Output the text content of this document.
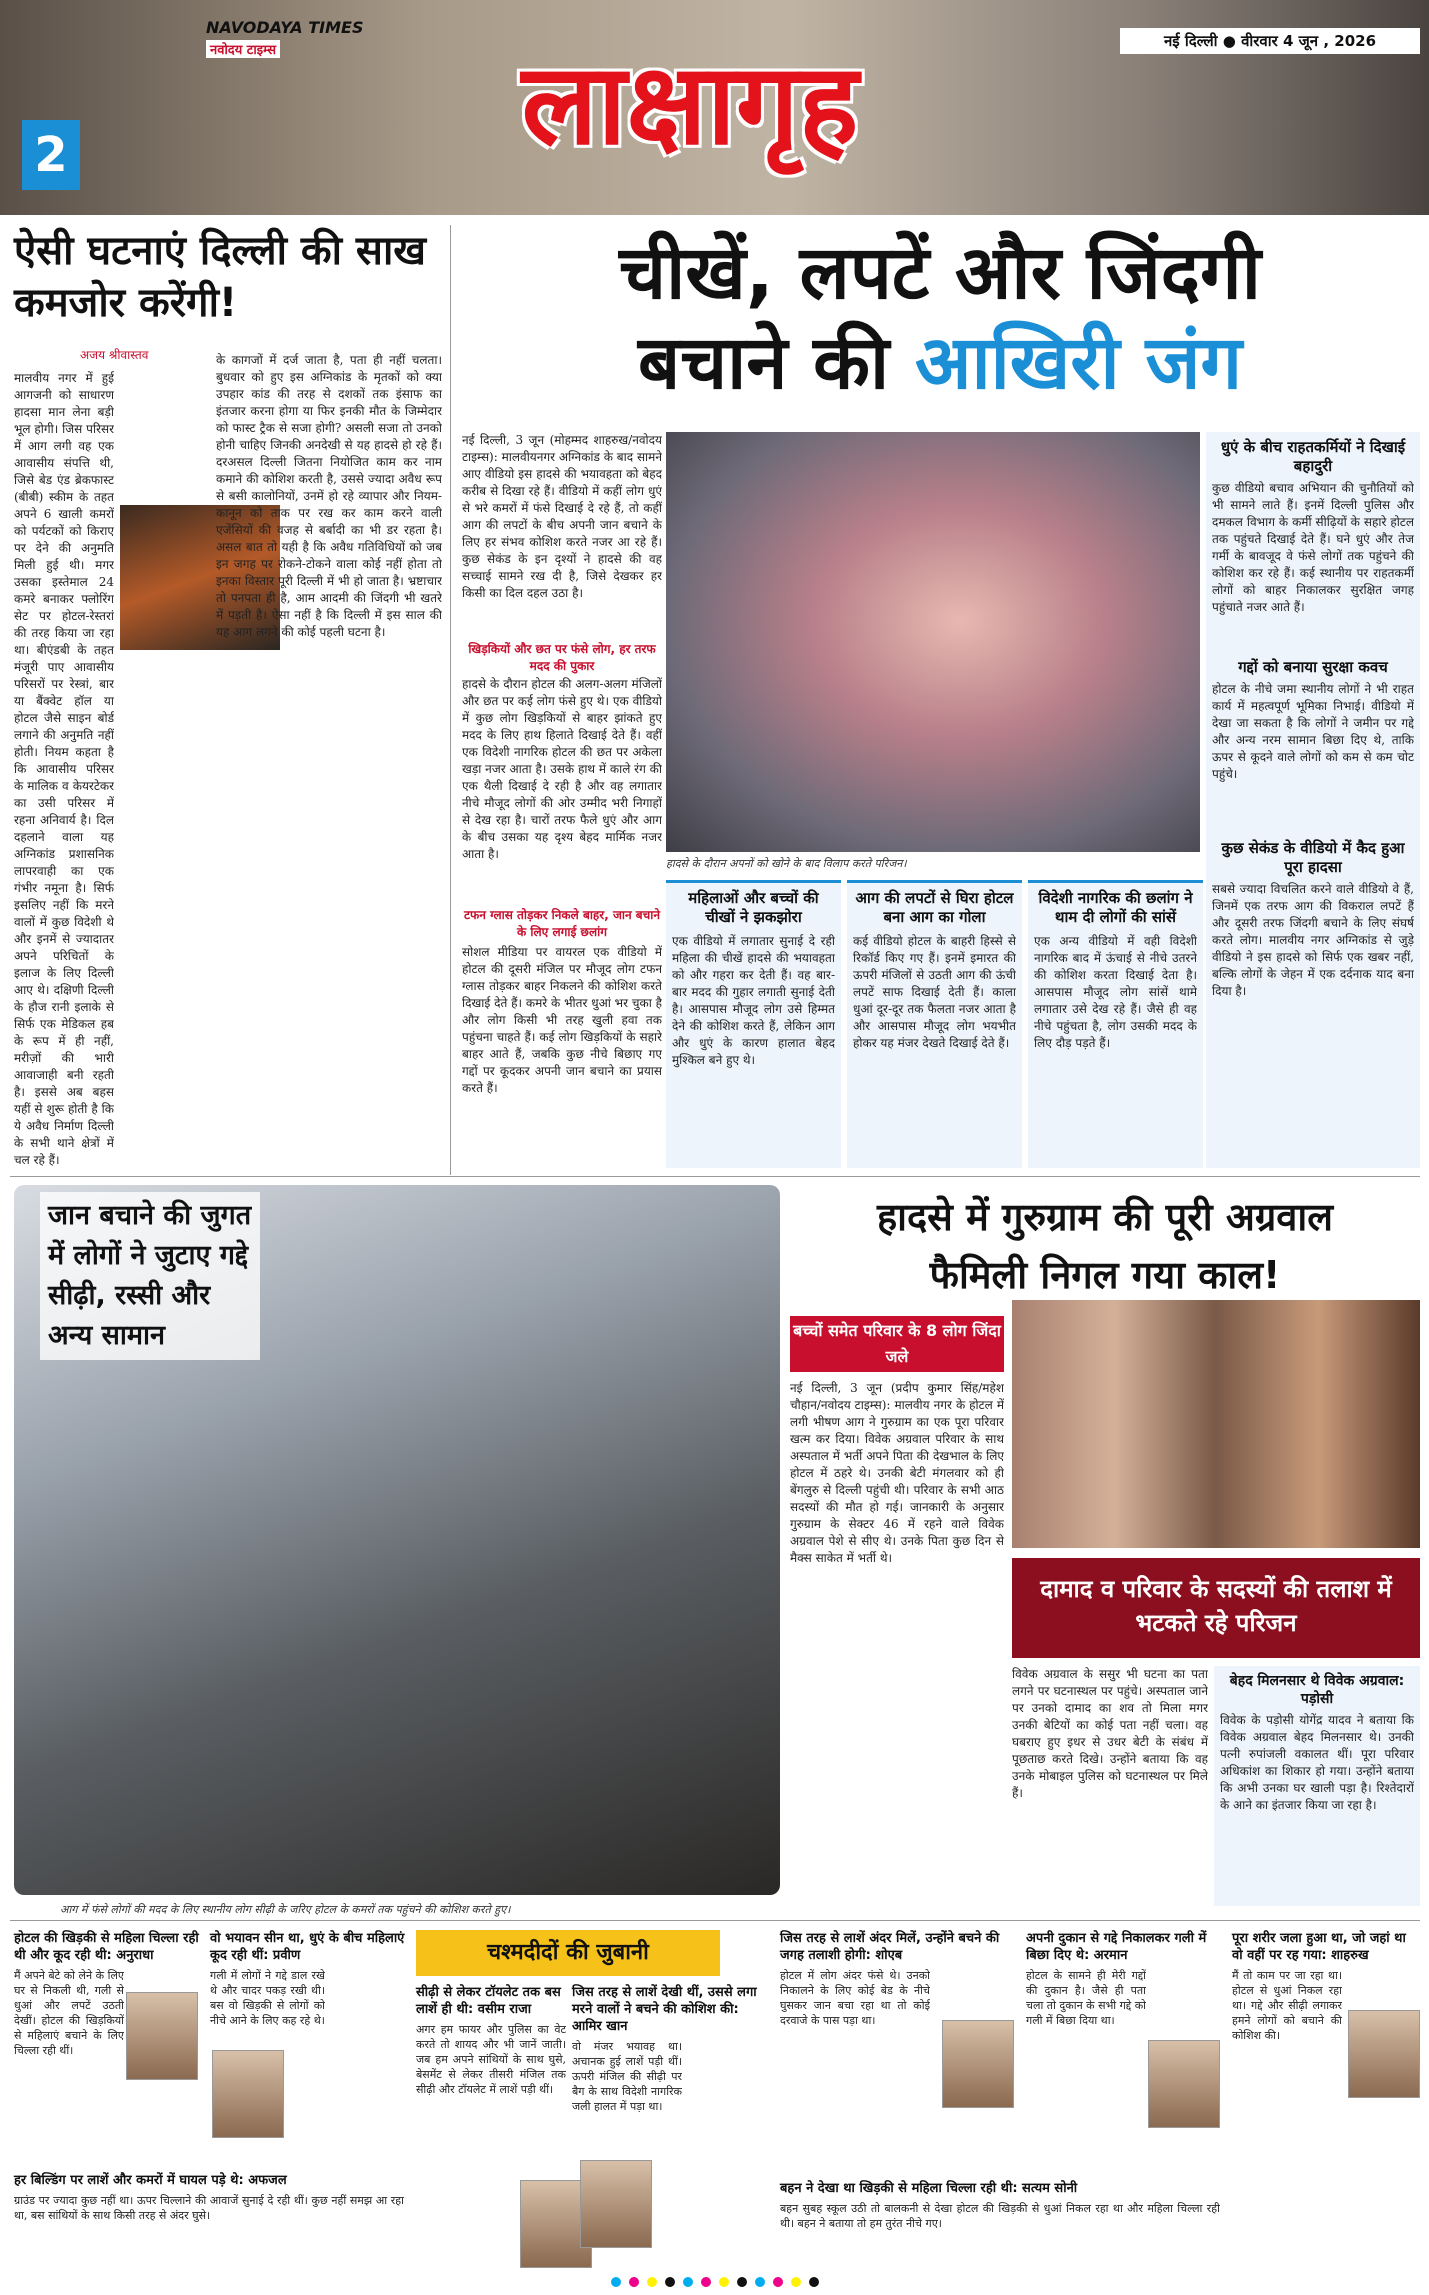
2
NAVODAYA TIMES
नवोदय टाइम्स	लाक्षागृह	नई दिल्ली ● वीरवार 4 जून , 2026
ऐसी घटनाएं दिल्ली की साख कमजोर करेंगी!
अजय श्रीवास्तव
मालवीय नगर में हुई आगजनी को साधारण हादसा मान लेना बड़ी भूल होगी। जिस परिसर में आग लगी वह एक आवासीय संपत्ति थी, जिसे बेड एंड ब्रेकफास्ट (बीबी) स्कीम के तहत अपने 6 खाली कमरों को पर्यटकों को किराए पर देने की अनुमति मिली हुई थी। मगर उसका इस्तेमाल 24 कमरे बनाकर फ्लोरिंग सेट पर होटल-रेस्तरां की तरह किया जा रहा था। बीएंडबी के तहत मंजूरी पाए आवासीय परिसरों पर रेस्त्रां, बार या बैंक्वेट हॉल या होटल जैसे साइन बोर्ड लगाने की अनुमति नहीं होती। नियम कहता है कि आवासीय परिसर के मालिक व केयरटेकर का उसी परिसर में रहना अनिवार्य है। दिल दहलाने वाला यह अग्निकांड प्रशासनिक लापरवाही का एक गंभीर नमूना है। सिर्फ इसलिए नहीं कि मरने वालों में कुछ विदेशी थे और इनमें से ज्यादातर अपने परिचितों के इलाज के लिए दिल्ली आए थे। दक्षिणी दिल्ली के हौज रानी इलाके से सिर्फ एक मेडिकल हब के रूप में ही नहीं, मरीज़ों की भारी आवाजाही बनी रहती है। इससे अब बहस यहीं से शुरू होती है कि ये अवैध निर्माण दिल्ली के सभी थाने क्षेत्रों में चल रहे हैं।
के कागजों में दर्ज जाता है, पता ही नहीं चलता। बुधवार को हुए इस अग्निकांड के मृतकों को क्या उपहार कांड की तरह से दशकों तक इंसाफ का इंतजार करना होगा या फिर इनकी मौत के जिम्मेदार को फास्ट ट्रैक से सजा होगी? असली सजा तो उनको होनी चाहिए जिनकी अनदेखी से यह हादसे हो रहे हैं। दरअसल दिल्ली जितना नियोजित काम कर नाम कमाने की कोशिश करती है, उससे ज्यादा अवैध रूप से बसी कालोनियों, उनमें हो रहे व्यापार और नियम-कानून को ताक पर रख कर काम करने वाली एजेंसियों की वजह से बर्बादी का भी डर रहता है। असल बात तो यही है कि अवैध गतिविधियों को जब इन जगह पर रोकने-टोकने वाला कोई नहीं होता तो इनका विस्तार पूरी दिल्ली में भी हो जाता है। भ्रष्टाचार तो पनपता ही है, आम आदमी की जिंदगी भी खतरे में पड़ती है। ऐसा नहीं है कि दिल्ली में इस साल की यह आग लगने की कोई पहली घटना है।
चीखें, लपटें और जिंदगी
बचाने की आखिरी जंग
नई दिल्ली, 3 जून (मोहम्मद शाहरुख/नवोदय टाइम्स): मालवीयनगर अग्निकांड के बाद सामने आए वीडियो इस हादसे की भयावहता को बेहद करीब से दिखा रहे हैं। वीडियो में कहीं लोग धुएं से भरे कमरों में फंसे दिखाई दे रहे हैं, तो कहीं आग की लपटों के बीच अपनी जान बचाने के लिए हर संभव कोशिश करते नजर आ रहे हैं। कुछ सेकंड के इन दृश्यों ने हादसे की वह सच्चाई सामने रख दी है, जिसे देखकर हर किसी का दिल दहल उठा है।
खिड़कियों और छत पर फंसे लोग, हर तरफ मदद की पुकार
हादसे के दौरान होटल की अलग-अलग मंजिलों और छत पर कई लोग फंसे हुए थे। एक वीडियो में कुछ लोग खिड़कियों से बाहर झांकते हुए मदद के लिए हाथ हिलाते दिखाई देते हैं। वहीं एक विदेशी नागरिक होटल की छत पर अकेला खड़ा नजर आता है। उसके हाथ में काले रंग की एक थैली दिखाई दे रही है और वह लगातार नीचे मौजूद लोगों की ओर उम्मीद भरी निगाहों से देख रहा है। चारों तरफ फैले धुएं और आग के बीच उसका यह दृश्य बेहद मार्मिक नजर आता है।
टफन ग्लास तोड़कर निकले बाहर, जान बचाने के लिए लगाई छलांग
सोशल मीडिया पर वायरल एक वीडियो में होटल की दूसरी मंजिल पर मौजूद लोग टफन ग्लास तोड़कर बाहर निकलने की कोशिश करते दिखाई देते हैं। कमरे के भीतर धुआं भर चुका है और लोग किसी भी तरह खुली हवा तक पहुंचना चाहते हैं। कई लोग खिड़कियों के सहारे बाहर आते हैं, जबकि कुछ नीचे बिछाए गए गद्दों पर कूदकर अपनी जान बचाने का प्रयास करते हैं।
हादसे के दौरान अपनों को खोने के बाद विलाप करते परिजन।
महिलाओं और बच्चों की चीखों ने झकझोरा
एक वीडियो में लगातार सुनाई दे रही महिला की चीखें हादसे की भयावहता को और गहरा कर देती हैं। वह बार-बार मदद की गुहार लगाती सुनाई देती है। आसपास मौजूद लोग उसे हिम्मत देने की कोशिश करते हैं, लेकिन आग और धुएं के कारण हालात बेहद मुश्किल बने हुए थे।
आग की लपटों से घिरा होटल बना आग का गोला
कई वीडियो होटल के बाहरी हिस्से से रिकॉर्ड किए गए हैं। इनमें इमारत की ऊपरी मंजिलों से उठती आग की ऊंची लपटें साफ दिखाई देती हैं। काला धुआं दूर-दूर तक फैलता नजर आता है और आसपास मौजूद लोग भयभीत होकर यह मंजर देखते दिखाई देते हैं।
विदेशी नागरिक की छलांग ने थाम दी लोगों की सांसें
एक अन्य वीडियो में वही विदेशी नागरिक बाद में ऊंचाई से नीचे उतरने की कोशिश करता दिखाई देता है। आसपास मौजूद लोग सांसें थामे लगातार उसे देख रहे हैं। जैसे ही वह नीचे पहुंचता है, लोग उसकी मदद के लिए दौड़ पड़ते हैं।
धुएं के बीच राहतकर्मियों ने दिखाई बहादुरी
कुछ वीडियो बचाव अभियान की चुनौतियों को भी सामने लाते हैं। इनमें दिल्ली पुलिस और दमकल विभाग के कर्मी सीढ़ियों के सहारे होटल तक पहुंचते दिखाई देते हैं। घने धुएं और तेज गर्मी के बावजूद वे फंसे लोगों तक पहुंचने की कोशिश कर रहे हैं। कई स्थानीय पर राहतकर्मी लोगों को बाहर निकालकर सुरक्षित जगह पहुंचाते नजर आते हैं।
गद्दों को बनाया सुरक्षा कवच
होटल के नीचे जमा स्थानीय लोगों ने भी राहत कार्य में महत्वपूर्ण भूमिका निभाई। वीडियो में देखा जा सकता है कि लोगों ने जमीन पर गद्दे और अन्य नरम सामान बिछा दिए थे, ताकि ऊपर से कूदने वाले लोगों को कम से कम चोट पहुंचे।
कुछ सेकंड के वीडियो में कैद हुआ पूरा हादसा
सबसे ज्यादा विचलित करने वाले वीडियो वे हैं, जिनमें एक तरफ आग की विकराल लपटें हैं और दूसरी तरफ जिंदगी बचाने के लिए संघर्ष करते लोग। मालवीय नगर अग्निकांड से जुड़े वीडियो ने इस हादसे को सिर्फ एक खबर नहीं, बल्कि लोगों के जेहन में एक दर्दनाक याद बना दिया है।
जान बचाने की जुगत में लोगों ने जुटाए गद्दे सीढ़ी, रस्सी और अन्य सामान
आग में फंसे लोगों की मदद के लिए स्थानीय लोग सीढ़ी के जरिए होटल के कमरों तक पहुंचने की कोशिश करते हुए।
हादसे में गुरुग्राम की पूरी अग्रवाल
फैमिली निगल गया काल!
बच्चों समेत परिवार के 8 लोग जिंदा जले
नई दिल्ली, 3 जून (प्रदीप कुमार सिंह/महेश चौहान/नवोदय टाइम्स): मालवीय नगर के होटल में लगी भीषण आग ने गुरुग्राम का एक पूरा परिवार खत्म कर दिया। विवेक अग्रवाल परिवार के साथ अस्पताल में भर्ती अपने पिता की देखभाल के लिए होटल में ठहरे थे। उनकी बेटी मंगलवार को ही बेंगलुरु से दिल्ली पहुंची थी। परिवार के सभी आठ सदस्यों की मौत हो गई। जानकारी के अनुसार गुरुग्राम के सेक्टर 46 में रहने वाले विवेक अग्रवाल पेशे से सीए थे। उनके पिता कुछ दिन से मैक्स साकेत में भर्ती थे।
दामाद व परिवार के सदस्यों की तलाश में भटकते रहे परिजन
विवेक अग्रवाल के ससुर भी घटना का पता लगने पर घटनास्थल पर पहुंचे। अस्पताल जाने पर उनको दामाद का शव तो मिला मगर उनकी बेटियों का कोई पता नहीं चला। वह घबराए हुए इधर से उधर बेटी के संबंध में पूछताछ करते दिखे। उन्होंने बताया कि वह उनके मोबाइल पुलिस को घटनास्थल पर मिले हैं।
बेहद मिलनसार थे विवेक अग्रवाल: पड़ोसी
विवेक के पड़ोसी योगेंद्र यादव ने बताया कि विवेक अग्रवाल बेहद मिलनसार थे। उनकी पत्नी रुपांजली वकालत थीं। पूरा परिवार अधिकांश का शिकार हो गया। उन्होंने बताया कि अभी उनका घर खाली पड़ा है। रिश्तेदारों के आने का इंतजार किया जा रहा है।
चश्मदीदों की जुबानी
होटल की खिड़की से महिला चिल्ला रही थी और कूद रही थी: अनुराधा
मैं अपने बेटे को लेने के लिए घर से निकली थी, गली से धुआं और लपटें उठती देखीं। होटल की खिड़कियों से महिलाएं बचाने के लिए चिल्ला रही थीं।
हर बिल्डिंग पर लाशें और कमरों में घायल पड़े थे: अफजल
ग्राउंड पर ज्यादा कुछ नहीं था। ऊपर चिल्लाने की आवाजें सुनाई दे रही थीं। कुछ नहीं समझ आ रहा था, बस सांथियों के साथ किसी तरह से अंदर घुसे।
वो भयावन सीन था, धुएं के बीच महिलाएं कूद रही थीं: प्रवीण
गली में लोगों ने गद्दे डाल रखे थे और चादर पकड़ रखी थी। बस वो खिड़की से लोगों को नीचे आने के लिए कह रहे थे।
सीढ़ी से लेकर टॉयलेट तक बस लाशें ही थी: वसीम राजा
अगर हम फायर और पुलिस का वेट करते तो शायद और भी जानें जाती। जब हम अपने सांथियों के साथ घुसे, बेसमेंट से लेकर तीसरी मंजिल तक सीढ़ी और टॉयलेट में लाशें पड़ी थीं।
जिस तरह से लाशें देखी थीं, उससे लगा मरने वालों ने बचने की कोशिश की: आमिर खान
वो मंजर भयावह था। अचानक हुई लाशें पड़ी थीं। ऊपरी मंजिल की सीढ़ी पर बैग के साथ विदेशी नागरिक जली हालत में पड़ा था।
जिस तरह से लाशें अंदर मिलें, उन्होंने बचने की जगह तलाशी होगी: शोएब
होटल में लोग अंदर फंसे थे। उनको निकालने के लिए कोई बेड के नीचे घुसकर जान बचा रहा था तो कोई दरवाजे के पास पड़ा था।
अपनी दुकान से गद्दे निकालकर गली में बिछा दिए थे: अरमान
होटल के सामने ही मेरी गद्दों की दुकान है। जैसे ही पता चला तो दुकान के सभी गद्दे को गली में बिछा दिया था।
पूरा शरीर जला हुआ था, जो जहां था वो वहीं पर रह गया: शाहरुख
मैं तो काम पर जा रहा था। होटल से धुआं निकल रहा था। गद्दे और सीढ़ी लगाकर हमने लोगों को बचाने की कोशिश की।
बहन ने देखा था खिड़की से महिला चिल्ला रही थी: सत्यम सोनी
बहन सुबह स्कूल उठी तो बालकनी से देखा होटल की खिड़की से धुआं निकल रहा था और महिला चिल्ला रही थी। बहन ने बताया तो हम तुरंत नीचे गए।
